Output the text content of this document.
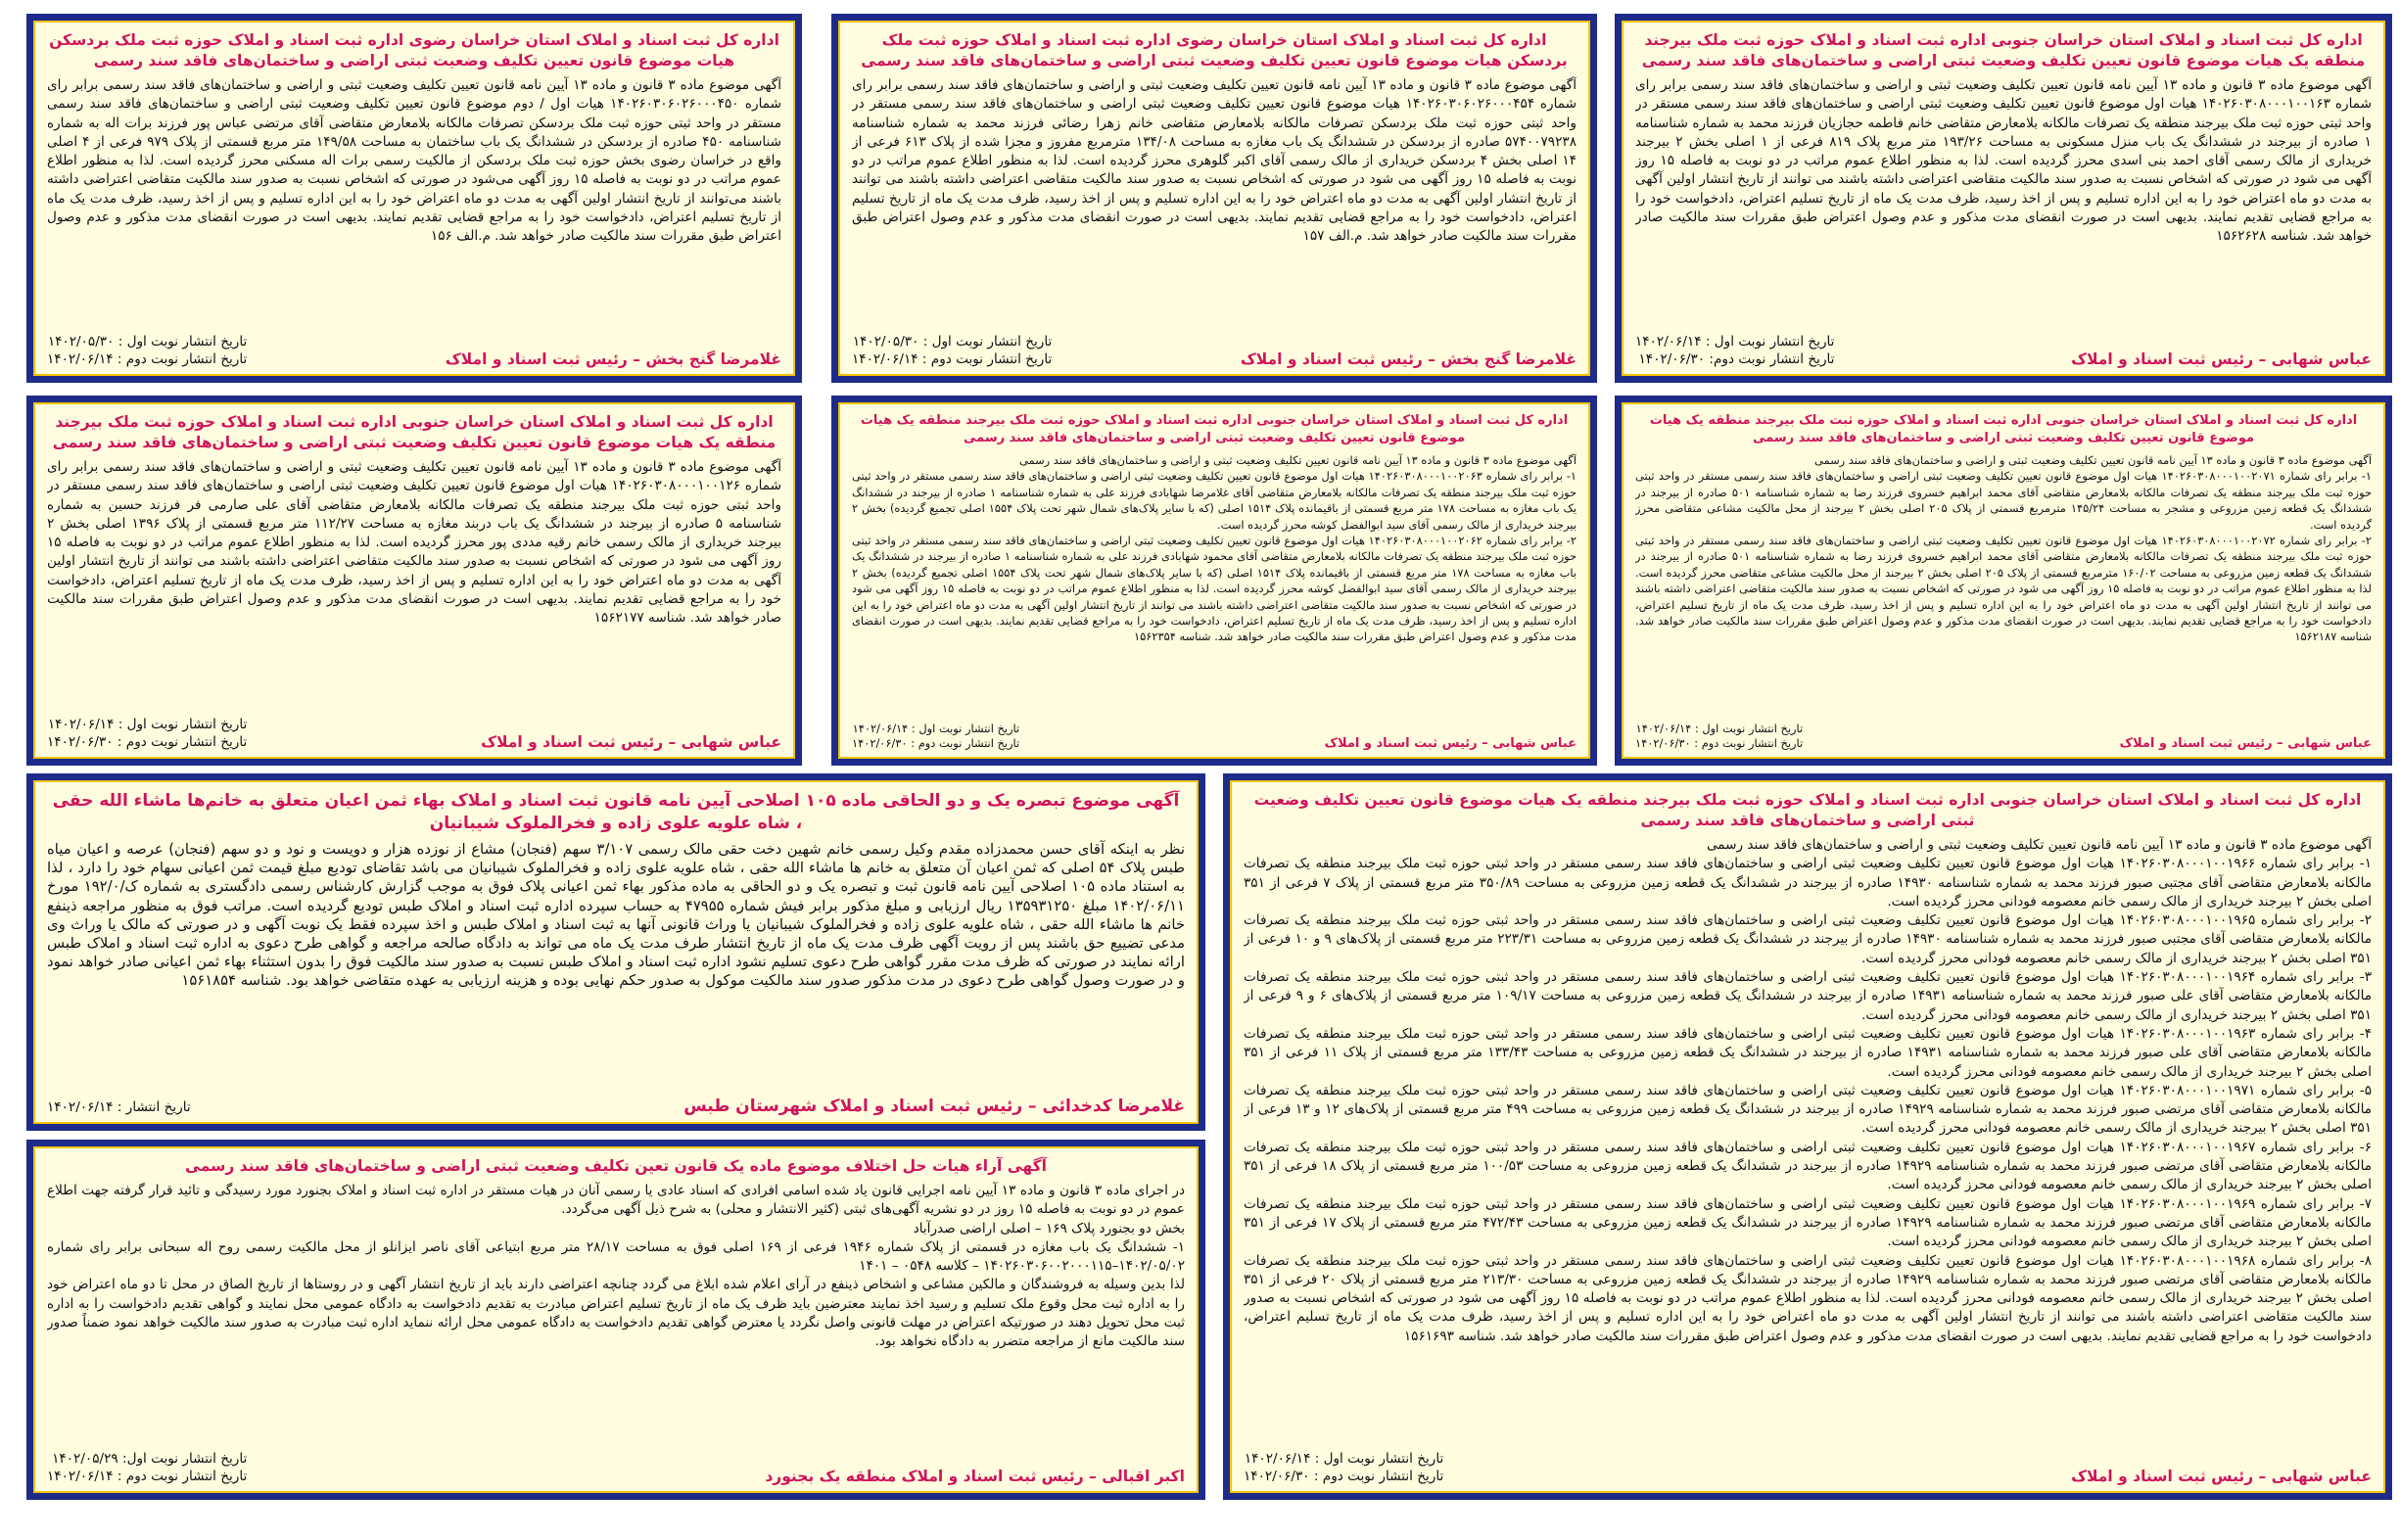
اداره کل ثبت اسناد و املاک استان خراسان جنوبی اداره ثبت اسناد و املاک حوزه ثبت ملک بیرجند منطقه یک هیات موضوع قانون تعیین تکلیف وضعیت ثبتی اراضی و ساختمان‌های فاقد سند رسمی

آگهی موضوع ماده ۳ قانون و ماده ۱۳ آیین نامه قانون تعیین تکلیف وضعیت ثبتی و اراضی و ساختمان‌های فاقد سند رسمی برابر رای شماره ۱۴۰۲۶۰۳۰۸۰۰۰۱۰۰۱۶۳ هیات اول موضوع قانون تعیین تکلیف وضعیت ثبتی اراضی و ساختمان‌های فاقد سند رسمی مستقر در واحد ثبتی حوزه ثبت ملک بیرجند منطقه یک تصرفات مالکانه بلامعارض متقاضی خانم فاطمه حجازیان فرزند محمد به شماره شناسنامه ۱ صادره از بیرجند در ششدانگ یک باب منزل مسکونی به مساحت ۱۹۳/۲۶ متر مربع پلاک ۸۱۹ فرعی از ۱ اصلی بخش ۲ بیرجند خریداری از مالک رسمی آقای احمد بنی اسدی محرز گردیده است. لذا به منظور اطلاع عموم مراتب در دو نوبت به فاصله ۱۵ روز آگهی می شود در صورتی که اشخاص نسبت به صدور سند مالکیت متقاضی اعتراضی داشته باشند می توانند از تاریخ انتشار اولین آگهی به مدت دو ماه اعتراض خود را به این اداره تسلیم و پس از اخذ رسید، ظرف مدت یک ماه از تاریخ تسلیم اعتراض، دادخواست خود را به مراجع قضایی تقدیم نمایند. بدیهی است در صورت انقضای مدت مذکور و عدم وصول اعتراض طبق مقررات سند مالکیت صادر خواهد شد. شناسه ۱۵۶۲۶۲۸

عباس شهابی – رئیس ثبت اسناد و املاک
تاریخ انتشار نوبت اول : ۱۴۰۲/۰۶/۱۴
تاریخ انتشار نوبت دوم: ۱۴۰۲/۰۶/۳۰
اداره کل ثبت اسناد و املاک استان خراسان رضوی اداره ثبت اسناد و املاک حوزه ثبت ملک بردسکن هیات موضوع قانون تعیین تکلیف وضعیت ثبتی اراضی و ساختمان‌های فاقد سند رسمی

آگهی موضوع ماده ۳ قانون و ماده ۱۳ آیین نامه قانون تعیین تکلیف وضعیت ثبتی و اراضی و ساختمان‌های فاقد سند رسمی برابر رای شماره ۱۴۰۲۶۰۳۰۶۰۲۶۰۰۰۴۵۴ هیات موضوع قانون تعیین تکلیف وضعیت ثبتی اراضی و ساختمان‌های فاقد سند رسمی مستقر در واحد ثبتی حوزه ثبت ملک بردسکن تصرفات مالکانه بلامعارض متقاضی خانم زهرا رضائی فرزند محمد به شماره شناسنامه ۵۷۴۰۰۷۹۲۳۸ صادره از بردسکن در ششدانگ یک باب مغازه به مساحت ۱۳۴/۰۸ مترمربع مفروز و مجزا شده از پلاک ۶۱۳ فرعی از ۱۴ اصلی بخش ۴ بردسکن خریداری از مالک رسمی آقای اکبر گلوهری محرز گردیده است. لذا به منظور اطلاع عموم مراتب در دو نوبت به فاصله ۱۵ روز آگهی می شود در صورتی که اشخاص نسبت به صدور سند مالکیت متقاضی اعتراضی داشته باشند می توانند از تاریخ انتشار اولین آگهی به مدت دو ماه اعتراض خود را به این اداره تسلیم و پس از اخذ رسید، ظرف مدت یک ماه از تاریخ تسلیم اعتراض، دادخواست خود را به مراجع قضایی تقدیم نمایند. بدیهی است در صورت انقضای مدت مذکور و عدم وصول اعتراض طبق مقررات سند مالکیت صادر خواهد شد. م.الف ۱۵۷

غلامرضا گنج بخش – رئیس ثبت اسناد و املاک
تاریخ انتشار نوبت اول : ۱۴۰۲/۰۵/۳۰
تاریخ انتشار نوبت دوم : ۱۴۰۲/۰۶/۱۴
اداره کل ثبت اسناد و املاک استان خراسان رضوی اداره ثبت اسناد و املاک حوزه ثبت ملک بردسکن هیات موضوع قانون تعیین تکلیف وضعیت ثبتی اراضی و ساختمان‌های فاقد سند رسمی

آگهی موضوع ماده ۳ قانون و ماده ۱۳ آیین نامه قانون تعیین تکلیف وضعیت ثبتی و اراضی و ساختمان‌های فاقد سند رسمی برابر رای شماره ۱۴۰۲۶۰۳۰۶۰۲۶۰۰۰۴۵۰ هیات اول / دوم موضوع قانون تعیین تکلیف وضعیت ثبتی اراضی و ساختمان‌های فاقد سند رسمی مستقر در واحد ثبتی حوزه ثبت ملک بردسکن تصرفات مالکانه بلامعارض متقاضی آقای مرتضی عباس پور فرزند برات اله به شماره شناسنامه ۴۵۰ صادره از بردسکن در ششدانگ یک باب ساختمان به مساحت ۱۴۹/۵۸ متر مربع قسمتی از پلاک ۹۷۹ فرعی از ۴ اصلی واقع در خراسان رضوی بخش حوزه ثبت ملک بردسکن از مالکیت رسمی برات اله مسکنی محرز گردیده است. لذا به منظور اطلاع عموم مراتب در دو نوبت به فاصله ۱۵ روز آگهی می‌شود در صورتی که اشخاص نسبت به صدور سند مالکیت متقاضی اعتراضی داشته باشند می‌توانند از تاریخ انتشار اولین آگهی به مدت دو ماه اعتراض خود را به این اداره تسلیم و پس از اخذ رسید، ظرف مدت یک ماه از تاریخ تسلیم اعتراض، دادخواست خود را به مراجع قضایی تقدیم نمایند. بدیهی است در صورت انقضای مدت مذکور و عدم وصول اعتراض طبق مقررات سند مالکیت صادر خواهد شد. م.الف ۱۵۶

غلامرضا گنج بخش – رئیس ثبت اسناد و املاک
تاریخ انتشار نوبت اول : ۱۴۰۲/۰۵/۳۰
تاریخ انتشار نوبت دوم : ۱۴۰۲/۰۶/۱۴
اداره کل ثبت اسناد و املاک استان خراسان جنوبی اداره ثبت اسناد و املاک حوزه ثبت ملک بیرجند منطقه یک هیات موضوع قانون تعیین تکلیف وضعیت ثبتی اراضی و ساختمان‌های فاقد سند رسمی

آگهی موضوع ماده ۳ قانون و ماده ۱۳ آیین نامه قانون تعیین تکلیف وضعیت ثبتی و اراضی و ساختمان‌های فاقد سند رسمی

۱- برابر رای شماره ۱۴۰۲۶۰۳۰۸۰۰۰۱۰۰۲۰۷۱ هیات اول موضوع قانون تعیین تکلیف وضعیت ثبتی اراضی و ساختمان‌های فاقد سند رسمی مستقر در واحد ثبتی حوزه ثبت ملک بیرجند منطقه یک تصرفات مالکانه بلامعارض متقاضی آقای محمد ابراهیم خسروی فرزند رضا به شماره شناسنامه ۵۰۱ صادره از بیرجند در ششدانگ یک قطعه زمین مزروعی و مشجر به مساحت ۱۴۵/۲۴ مترمربع قسمتی از پلاک ۲۰۵ اصلی بخش ۲ بیرجند از محل مالکیت مشاعی متقاضی محرز گردیده است.

۲- برابر رای شماره ۱۴۰۲۶۰۳۰۸۰۰۰۱۰۰۲۰۷۲ هیات اول موضوع قانون تعیین تکلیف وضعیت ثبتی اراضی و ساختمان‌های فاقد سند رسمی مستقر در واحد ثبتی حوزه ثبت ملک بیرجند منطقه یک تصرفات مالکانه بلامعارض متقاضی آقای محمد ابراهیم خسروی فرزند رضا به شماره شناسنامه ۵۰۱ صادره از بیرجند در ششدانگ یک قطعه زمین مزروعی به مساحت ۱۶۰/۰۲ مترمربع قسمتی از پلاک ۲۰۵ اصلی بخش ۲ بیرجند از محل مالکیت مشاعی متقاضی محرز گردیده است. لذا به منظور اطلاع عموم مراتب در دو نوبت به فاصله ۱۵ روز آگهی می شود در صورتی که اشخاص نسبت به صدور سند مالکیت متقاضی اعتراضی داشته باشند می توانند از تاریخ انتشار اولین آگهی به مدت دو ماه اعتراض خود را به این اداره تسلیم و پس از اخذ رسید، ظرف مدت یک ماه از تاریخ تسلیم اعتراض، دادخواست خود را به مراجع قضایی تقدیم نمایند. بدیهی است در صورت انقضای مدت مذکور و عدم وصول اعتراض طبق مقررات سند مالکیت صادر خواهد شد. شناسه ۱۵۶۲۱۸۷

عباس شهابی – رئیس ثبت اسناد و املاک
تاریخ انتشار نوبت اول : ۱۴۰۲/۰۶/۱۴
تاریخ انتشار نوبت دوم : ۱۴۰۲/۰۶/۳۰
اداره کل ثبت اسناد و املاک استان خراسان جنوبی اداره ثبت اسناد و املاک حوزه ثبت ملک بیرجند منطقه یک هیات موضوع قانون تعیین تکلیف وضعیت ثبتی اراضی و ساختمان‌های فاقد سند رسمی

آگهی موضوع ماده ۳ قانون و ماده ۱۳ آیین نامه قانون تعیین تکلیف وضعیت ثبتی و اراضی و ساختمان‌های فاقد سند رسمی

۱- برابر رای شماره ۱۴۰۲۶۰۳۰۸۰۰۰۱۰۰۲۰۶۳ هیات اول موضوع قانون تعیین تکلیف وضعیت ثبتی اراضی و ساختمان‌های فاقد سند رسمی مستقر در واحد ثبتی حوزه ثبت ملک بیرجند منطقه یک تصرفات مالکانه بلامعارض متقاضی آقای غلامرضا شهابادی فرزند علی به شماره شناسنامه ۱ صادره از بیرجند در ششدانگ یک باب مغازه به مساحت ۱۷۸ متر مربع قسمتی از باقیمانده پلاک ۱۵۱۴ اصلی (که با سایر پلاک‌های شمال شهر تحت پلاک ۱۵۵۴ اصلی تجمیع گردیده) بخش ۲ بیرجند خریداری از مالک رسمی آقای سید ابوالفضل کوشه محرز گردیده است.

۲- برابر رای شماره ۱۴۰۲۶۰۳۰۸۰۰۰۱۰۰۲۰۶۲ هیات اول موضوع قانون تعیین تکلیف وضعیت ثبتی اراضی و ساختمان‌های فاقد سند رسمی مستقر در واحد ثبتی حوزه ثبت ملک بیرجند منطقه یک تصرفات مالکانه بلامعارض متقاضی آقای محمود شهابادی فرزند علی به شماره شناسنامه ۱ صادره از بیرجند در ششدانگ یک باب مغازه به مساحت ۱۷۸ متر مربع قسمتی از باقیمانده پلاک ۱۵۱۴ اصلی (که با سایر پلاک‌های شمال شهر تحت پلاک ۱۵۵۴ اصلی تجمیع گردیده) بخش ۲ بیرجند خریداری از مالک رسمی آقای سید ابوالفضل کوشه محرز گردیده است. لذا به منظور اطلاع عموم مراتب در دو نوبت به فاصله ۱۵ روز آگهی می شود در صورتی که اشخاص نسبت به صدور سند مالکیت متقاضی اعتراضی داشته باشند می توانند از تاریخ انتشار اولین آگهی به مدت دو ماه اعتراض خود را به این اداره تسلیم و پس از اخذ رسید، ظرف مدت یک ماه از تاریخ تسلیم اعتراض، دادخواست خود را به مراجع قضایی تقدیم نمایند. بدیهی است در صورت انقضای مدت مذکور و عدم وصول اعتراض طبق مقررات سند مالکیت صادر خواهد شد. شناسه ۱۵۶۲۳۵۴

عباس شهابی – رئیس ثبت اسناد و املاک
تاریخ انتشار نوبت اول : ۱۴۰۲/۰۶/۱۴
تاریخ انتشار نوبت دوم : ۱۴۰۲/۰۶/۳۰
اداره کل ثبت اسناد و املاک استان خراسان جنوبی اداره ثبت اسناد و املاک حوزه ثبت ملک بیرجند منطقه یک هیات موضوع قانون تعیین تکلیف وضعیت ثبتی اراضی و ساختمان‌های فاقد سند رسمی

آگهی موضوع ماده ۳ قانون و ماده ۱۳ آیین نامه قانون تعیین تکلیف وضعیت ثبتی و اراضی و ساختمان‌های فاقد سند رسمی برابر رای شماره ۱۴۰۲۶۰۳۰۸۰۰۰۱۰۰۱۲۶ هیات اول موضوع قانون تعیین تکلیف وضعیت ثبتی اراضی و ساختمان‌های فاقد سند رسمی مستقر در واحد ثبتی حوزه ثبت ملک بیرجند منطقه یک تصرفات مالکانه بلامعارض متقاضی آقای علی صارمی فر فرزند حسین به شماره شناسنامه ۵ صادره از بیرجند در ششدانگ یک باب دربند مغازه به مساحت ۱۱۲/۲۷ متر مربع قسمتی از پلاک ۱۳۹۶ اصلی بخش ۲ بیرجند خریداری از مالک رسمی خانم رقیه مددی پور محرز گردیده است. لذا به منظور اطلاع عموم مراتب در دو نوبت به فاصله ۱۵ روز آگهی می شود در صورتی که اشخاص نسبت به صدور سند مالکیت متقاضی اعتراضی داشته باشند می توانند از تاریخ انتشار اولین آگهی به مدت دو ماه اعتراض خود را به این اداره تسلیم و پس از اخذ رسید، ظرف مدت یک ماه از تاریخ تسلیم اعتراض، دادخواست خود را به مراجع قضایی تقدیم نمایند. بدیهی است در صورت انقضای مدت مذکور و عدم وصول اعتراض طبق مقررات سند مالکیت صادر خواهد شد. شناسه ۱۵۶۲۱۷۷

عباس شهابی – رئیس ثبت اسناد و املاک
تاریخ انتشار نوبت اول : ۱۴۰۲/۰۶/۱۴
تاریخ انتشار نوبت دوم : ۱۴۰۲/۰۶/۳۰
اداره کل ثبت اسناد و املاک استان خراسان جنوبی اداره ثبت اسناد و املاک حوزه ثبت ملک بیرجند منطقه یک هیات موضوع قانون تعیین تکلیف وضعیت ثبتی اراضی و ساختمان‌های فاقد سند رسمی

آگهی موضوع ماده ۳ قانون و ماده ۱۳ آیین نامه قانون تعیین تکلیف وضعیت ثبتی و اراضی و ساختمان‌های فاقد سند رسمی

۱- برابر رای شماره ۱۴۰۲۶۰۳۰۸۰۰۰۱۰۰۱۹۶۶ هیات اول موضوع قانون تعیین تکلیف وضعیت ثبتی اراضی و ساختمان‌های فاقد سند رسمی مستقر در واحد ثبتی حوزه ثبت ملک بیرجند منطقه یک تصرفات مالکانه بلامعارض متقاضی آقای مجتبی صبور فرزند محمد به شماره شناسنامه ۱۴۹۳۰ صادره از بیرجند در ششدانگ یک قطعه زمین مزروعی به مساحت ۳۵۰/۸۹ متر مربع قسمتی از پلاک ۷ فرعی از ۳۵۱ اصلی بخش ۲ بیرجند خریداری از مالک رسمی خانم معصومه فودانی محرز گردیده است.

۲- برابر رای شماره ۱۴۰۲۶۰۳۰۸۰۰۰۱۰۰۱۹۶۵ هیات اول موضوع قانون تعیین تکلیف وضعیت ثبتی اراضی و ساختمان‌های فاقد سند رسمی مستقر در واحد ثبتی حوزه ثبت ملک بیرجند منطقه یک تصرفات مالکانه بلامعارض متقاضی آقای مجتبی صبور فرزند محمد به شماره شناسنامه ۱۴۹۳۰ صادره از بیرجند در ششدانگ یک قطعه زمین مزروعی به مساحت ۲۲۳/۳۱ متر مربع قسمتی از پلاک‌های ۹ و ۱۰ فرعی از ۳۵۱ اصلی بخش ۲ بیرجند خریداری از مالک رسمی خانم معصومه فودانی محرز گردیده است.

۳- برابر رای شماره ۱۴۰۲۶۰۳۰۸۰۰۰۱۰۰۱۹۶۴ هیات اول موضوع قانون تعیین تکلیف وضعیت ثبتی اراضی و ساختمان‌های فاقد سند رسمی مستقر در واحد ثبتی حوزه ثبت ملک بیرجند منطقه یک تصرفات مالکانه بلامعارض متقاضی آقای علی صبور فرزند محمد به شماره شناسنامه ۱۴۹۳۱ صادره از بیرجند در ششدانگ یک قطعه زمین مزروعی به مساحت ۱۰۹/۱۷ متر مربع قسمتی از پلاک‌های ۶ و ۹ فرعی از ۳۵۱ اصلی بخش ۲ بیرجند خریداری از مالک رسمی خانم معصومه فودانی محرز گردیده است.

۴- برابر رای شماره ۱۴۰۲۶۰۳۰۸۰۰۰۱۰۰۱۹۶۳ هیات اول موضوع قانون تعیین تکلیف وضعیت ثبتی اراضی و ساختمان‌های فاقد سند رسمی مستقر در واحد ثبتی حوزه ثبت ملک بیرجند منطقه یک تصرفات مالکانه بلامعارض متقاضی آقای علی صبور فرزند محمد به شماره شناسنامه ۱۴۹۳۱ صادره از بیرجند در ششدانگ یک قطعه زمین مزروعی به مساحت ۱۳۳/۴۳ متر مربع قسمتی از پلاک ۱۱ فرعی از ۳۵۱ اصلی بخش ۲ بیرجند خریداری از مالک رسمی خانم معصومه فودانی محرز گردیده است.

۵- برابر رای شماره ۱۴۰۲۶۰۳۰۸۰۰۰۱۰۰۱۹۷۱ هیات اول موضوع قانون تعیین تکلیف وضعیت ثبتی اراضی و ساختمان‌های فاقد سند رسمی مستقر در واحد ثبتی حوزه ثبت ملک بیرجند منطقه یک تصرفات مالکانه بلامعارض متقاضی آقای مرتضی صبور فرزند محمد به شماره شناسنامه ۱۴۹۲۹ صادره از بیرجند در ششدانگ یک قطعه زمین مزروعی به مساحت ۴۹۹ متر مربع قسمتی از پلاک‌های ۱۲ و ۱۳ فرعی از ۳۵۱ اصلی بخش ۲ بیرجند خریداری از مالک رسمی خانم معصومه فودانی محرز گردیده است.

۶- برابر رای شماره ۱۴۰۲۶۰۳۰۸۰۰۰۱۰۰۱۹۶۷ هیات اول موضوع قانون تعیین تکلیف وضعیت ثبتی اراضی و ساختمان‌های فاقد سند رسمی مستقر در واحد ثبتی حوزه ثبت ملک بیرجند منطقه یک تصرفات مالکانه بلامعارض متقاضی آقای مرتضی صبور فرزند محمد به شماره شناسنامه ۱۴۹۲۹ صادره از بیرجند در ششدانگ یک قطعه زمین مزروعی به مساحت ۱۰۰/۵۳ متر مربع قسمتی از پلاک ۱۸ فرعی از ۳۵۱ اصلی بخش ۲ بیرجند خریداری از مالک رسمی خانم معصومه فودانی محرز گردیده است.

۷- برابر رای شماره ۱۴۰۲۶۰۳۰۸۰۰۰۱۰۰۱۹۶۹ هیات اول موضوع قانون تعیین تکلیف وضعیت ثبتی اراضی و ساختمان‌های فاقد سند رسمی مستقر در واحد ثبتی حوزه ثبت ملک بیرجند منطقه یک تصرفات مالکانه بلامعارض متقاضی آقای مرتضی صبور فرزند محمد به شماره شناسنامه ۱۴۹۲۹ صادره از بیرجند در ششدانگ یک قطعه زمین مزروعی به مساحت ۴۷۲/۴۳ متر مربع قسمتی از پلاک ۱۷ فرعی از ۳۵۱ اصلی بخش ۲ بیرجند خریداری از مالک رسمی خانم معصومه فودانی محرز گردیده است.

۸- برابر رای شماره ۱۴۰۲۶۰۳۰۸۰۰۰۱۰۰۱۹۶۸ هیات اول موضوع قانون تعیین تکلیف وضعیت ثبتی اراضی و ساختمان‌های فاقد سند رسمی مستقر در واحد ثبتی حوزه ثبت ملک بیرجند منطقه یک تصرفات مالکانه بلامعارض متقاضی آقای مرتضی صبور فرزند محمد به شماره شناسنامه ۱۴۹۲۹ صادره از بیرجند در ششدانگ یک قطعه زمین مزروعی به مساحت ۲۱۳/۳۰ متر مربع قسمتی از پلاک ۲۰ فرعی از ۳۵۱ اصلی بخش ۲ بیرجند خریداری از مالک رسمی خانم معصومه فودانی محرز گردیده است. لذا به منظور اطلاع عموم مراتب در دو نوبت به فاصله ۱۵ روز آگهی می شود در صورتی که اشخاص نسبت به صدور سند مالکیت متقاضی اعتراضی داشته باشند می توانند از تاریخ انتشار اولین آگهی به مدت دو ماه اعتراض خود را به این اداره تسلیم و پس از اخذ رسید، ظرف مدت یک ماه از تاریخ تسلیم اعتراض، دادخواست خود را به مراجع قضایی تقدیم نمایند. بدیهی است در صورت انقضای مدت مذکور و عدم وصول اعتراض طبق مقررات سند مالکیت صادر خواهد شد. شناسه ۱۵۶۱۶۹۳

عباس شهابی – رئیس ثبت اسناد و املاک
تاریخ انتشار نوبت اول : ۱۴۰۲/۰۶/۱۴
تاریخ انتشار نوبت دوم : ۱۴۰۲/۰۶/۳۰
آگهی موضوع تبصره یک و دو الحاقی ماده ۱۰۵ اصلاحی آیین نامه قانون ثبت اسناد و املاک بهاء ثمن اعیان متعلق به خانم‌ها ماشاء الله حقی ، شاه علویه علوی زاده و فخرالملوک شیبانیان

نظر به اینکه آقای حسن محمدزاده مقدم وکیل رسمی خانم شهین دخت حقی مالک رسمی ۳/۱۰۷ سهم (فنجان) مشاع از نوزده هزار و دویست و نود و دو سهم (فنجان) عرصه و اعیان میاه طبس پلاک ۵۴ اصلی که ثمن اعیان آن متعلق به خانم ها ماشاء الله حقی ، شاه علویه علوی زاده و فخرالملوک شیبانیان می باشد تقاضای تودیع مبلغ قیمت ثمن اعیانی سهام خود را دارد ، لذا به استناد ماده ۱۰۵ اصلاحی آیین نامه قانون ثبت و تبصره یک و دو الحاقی به ماده مذکور بهاء ثمن اعیانی پلاک فوق به موجب گزارش کارشناس رسمی دادگستری به شماره ک/۱۹۲/۰ مورخ ۱۴۰۲/۰۶/۱۱ مبلغ ۱۳۵۹۳۱۲۵۰ ریال ارزیابی و مبلغ مذکور برابر فیش شماره ۴۷۹۵۵ به حساب سپرده اداره ثبت اسناد و املاک طبس تودیع گردیده است. مراتب فوق به منظور مراجعه ذینفع خانم ها ماشاء الله حقی ، شاه علویه علوی زاده و فخرالملوک شیبانیان یا وراث قانونی آنها به ثبت اسناد و املاک طبس و اخذ سپرده فقط یک نوبت آگهی و در صورتی که مالک یا وراث وی مدعی تضییع حق باشند پس از رویت آگهی ظرف مدت یک ماه از تاریخ انتشار طرف مدت یک ماه می تواند به دادگاه صالحه مراجعه و گواهی طرح دعوی به اداره ثبت اسناد و املاک طبس ارائه نمایند در صورتی که ظرف مدت مقرر گواهی طرح دعوی تسلیم نشود اداره ثبت اسناد و املاک طبس نسبت به صدور سند مالکیت فوق را بدون استثناء بهاء ثمن اعیانی صادر خواهد نمود و در صورت وصول گواهی طرح دعوی در مدت مذکور صدور سند مالکیت موکول به صدور حکم نهایی بوده و هزینه ارزیابی به عهده متقاضی خواهد بود. شناسه ۱۵۶۱۸۵۴

غلامرضا کدخدائی – رئیس ثبت اسناد و املاک شهرستان طبس
تاریخ انتشار : ۱۴۰۲/۰۶/۱۴
آگهی آراء هیات حل اختلاف موضوع ماده یک قانون تعین تکلیف وضعیت ثبتی اراضی و ساختمان‌های فاقد سند رسمی

در اجرای ماده ۳ قانون و ماده ۱۳ آیین نامه اجرایی قانون یاد شده اسامی افرادی که اسناد عادی یا رسمی آنان در هیات مستقر در اداره ثبت اسناد و املاک بجنورد مورد رسیدگی و تائید قرار گرفته جهت اطلاع عموم در دو نوبت به فاصله ۱۵ روز در دو نشریه آگهی‌های ثبتی (کثیر الانتشار و محلی) به شرح ذیل آگهی می‌گردد.

بخش دو بجنورد پلاک ۱۶۹ – اصلی اراضی صدرآباد

۱- ششدانگ یک باب مغازه در قسمتی از پلاک شماره ۱۹۴۶ فرعی از ۱۶۹ اصلی فوق به مساحت ۲۸/۱۷ متر مربع ابتیاعی آقای ناصر ایزانلو از محل مالکیت رسمی روح اله سبحانی برابر رای شماره ۱۴۰۲/۰۵/۰۲–۱۴۰۲۶۰۳۰۶۰۰۲۰۰۰۱۱۵ – کلاسه ۰۵۴۸ – ۱۴۰۱

لذا بدین وسیله به فروشندگان و مالکین مشاعی و اشخاص ذینفع در آرای اعلام شده ابلاغ می گردد چنانچه اعتراضی دارند باید از تاریخ انتشار آگهی و در روستاها از تاریخ الصاق در محل تا دو ماه اعتراض خود را به اداره ثبت محل وقوع ملک تسلیم و رسید اخذ نمایند معترضین باید ظرف یک ماه از تاریخ تسلیم اعتراض مبادرت به تقدیم دادخواست به دادگاه عمومی محل نمایند و گواهی تقدیم دادخواست را به اداره ثبت محل تحویل دهند در صورتیکه اعتراض در مهلت قانونی واصل نگردد یا معترض گواهی تقدیم دادخواست به دادگاه عمومی محل ارائه ننماید اداره ثبت مبادرت به صدور سند مالکیت خواهد نمود ضمناً صدور سند مالکیت مانع از مراجعه متضرر به دادگاه نخواهد بود.

اکبر اقبالی – رئیس ثبت اسناد و املاک منطقه یک بجنورد
تاریخ انتشار نوبت اول: ۱۴۰۲/۰۵/۲۹
تاریخ انتشار نوبت دوم : ۱۴۰۲/۰۶/۱۴
